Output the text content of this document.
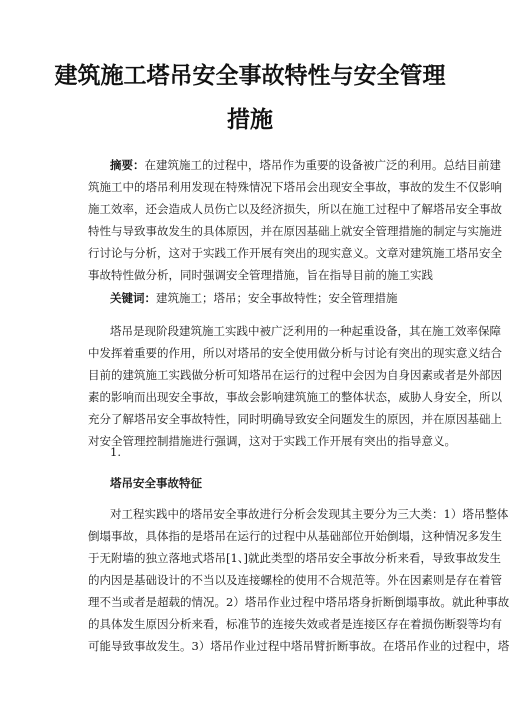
建筑施工塔吊安全事故特性与安全管理
措施
摘要：在建筑施工的过程中，塔吊作为重要的设备被广泛的利用。总结目前建
筑施工中的塔吊利用发现在特殊情况下塔吊会出现安全事故，事故的发生不仅影响
施工效率，还会造成人员伤亡以及经济损失，所以在施工过程中了解塔吊安全事故
特性与导致事故发生的具体原因，并在原因基础上就安全管理措施的制定与实施进
行讨论与分析，这对于实践工作开展有突出的现实意义。文章对建筑施工塔吊安全
事故特性做分析，同时强调安全管理措施，旨在指导目前的施工实践
关键词：建筑施工；塔吊；安全事故特性；安全管理措施
塔吊是现阶段建筑施工实践中被广泛利用的一种起重设备，其在施工效率保障
中发挥着重要的作用，所以对塔吊的安全使用做分析与讨论有突出的现实意义结合
目前的建筑施工实践做分析可知塔吊在运行的过程中会因为自身因素或者是外部因
素的影响而出现安全事故，事故会影响建筑施工的整体状态，威胁人身安全，所以
充分了解塔吊安全事故特性，同时明确导致安全问题发生的原因，并在原因基础上
对安全管理控制措施进行强调，这对于实践工作开展有突出的指导意义。
1.
塔吊安全事故特征
对工程实践中的塔吊安全事故进行分析会发现其主要分为三大类：1）塔吊整体
倒塌事故，具体指的是塔吊在运行的过程中从基础部位开始倒塌，这种情况多发生
于无附墙的独立落地式塔吊[1、]就此类型的塔吊安全事故分析来看，导致事故发生
的内因是基础设计的不当以及连接螺栓的使用不合规范等。外在因素则是存在着管
理不当或者是超载的情况。2）塔吊作业过程中塔吊塔身折断倒塌事故。就此种事故
的具体发生原因分析来看，标准节的连接失效或者是连接区存在着损伤断裂等均有
可能导致事故发生。3）塔吊作业过程中塔吊臂折断事故。在塔吊作业的过程中，塔
